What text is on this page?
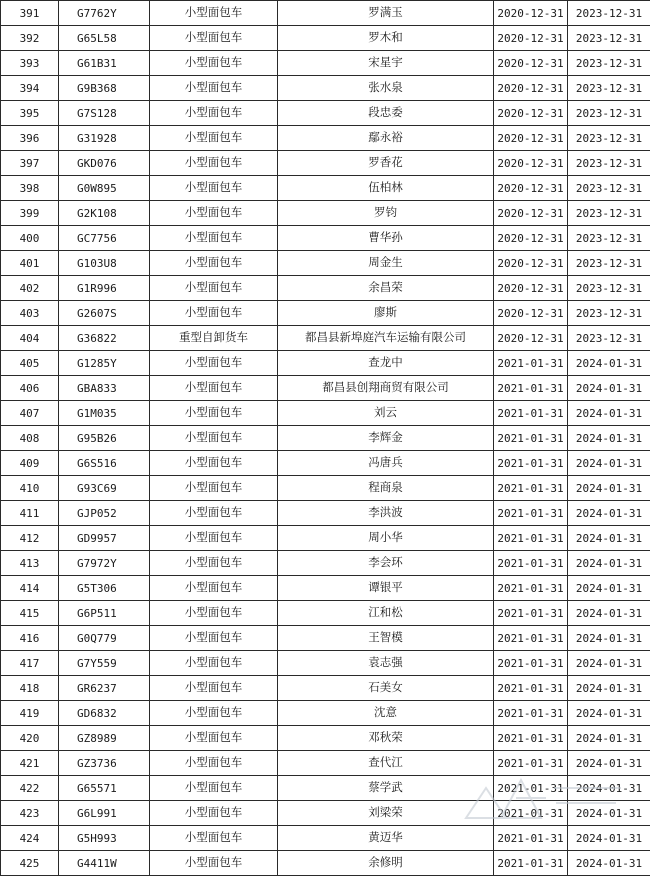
391	G7762Y	小型面包车	罗满玉	2020-12-31	2023-12-31
392	G65L58	小型面包车	罗木和	2020-12-31	2023-12-31
393	G61B31	小型面包车	宋星宇	2020-12-31	2023-12-31
394	G9B368	小型面包车	张水泉	2020-12-31	2023-12-31
395	G7S128	小型面包车	段忠委	2020-12-31	2023-12-31
396	G31928	小型面包车	鄢永裕	2020-12-31	2023-12-31
397	GKD076	小型面包车	罗香花	2020-12-31	2023-12-31
398	G0W895	小型面包车	伍柏林	2020-12-31	2023-12-31
399	G2K108	小型面包车	罗钧	2020-12-31	2023-12-31
400	GC7756	小型面包车	曹华孙	2020-12-31	2023-12-31
401	G103U8	小型面包车	周金生	2020-12-31	2023-12-31
402	G1R996	小型面包车	余昌荣	2020-12-31	2023-12-31
403	G2607S	小型面包车	廖斯	2020-12-31	2023-12-31
404	G36822	重型自卸货车	都昌县新埠庭汽车运输有限公司	2020-12-31	2023-12-31
405	G1285Y	小型面包车	查龙中	2021-01-31	2024-01-31
406	GBA833	小型面包车	都昌县创翔商贸有限公司	2021-01-31	2024-01-31
407	G1M035	小型面包车	刘云	2021-01-31	2024-01-31
408	G95B26	小型面包车	李辉金	2021-01-31	2024-01-31
409	G6S516	小型面包车	冯唐兵	2021-01-31	2024-01-31
410	G93C69	小型面包车	程商泉	2021-01-31	2024-01-31
411	GJP052	小型面包车	李洪波	2021-01-31	2024-01-31
412	GD9957	小型面包车	周小华	2021-01-31	2024-01-31
413	G7972Y	小型面包车	李会环	2021-01-31	2024-01-31
414	G5T306	小型面包车	谭银平	2021-01-31	2024-01-31
415	G6P511	小型面包车	江和松	2021-01-31	2024-01-31
416	G0Q779	小型面包车	王智模	2021-01-31	2024-01-31
417	G7Y559	小型面包车	袁志强	2021-01-31	2024-01-31
418	GR6237	小型面包车	石美女	2021-01-31	2024-01-31
419	GD6832	小型面包车	沈意	2021-01-31	2024-01-31
420	GZ8989	小型面包车	邓秋荣	2021-01-31	2024-01-31
421	GZ3736	小型面包车	查代江	2021-01-31	2024-01-31
422	G65571	小型面包车	蔡学武	2021-01-31	2024-01-31
423	G6L991	小型面包车	刘梁荣	2021-01-31	2024-01-31
424	G5H993	小型面包车	黄迈华	2021-01-31	2024-01-31
425	G4411W	小型面包车	余修明	2021-01-31	2024-01-31
